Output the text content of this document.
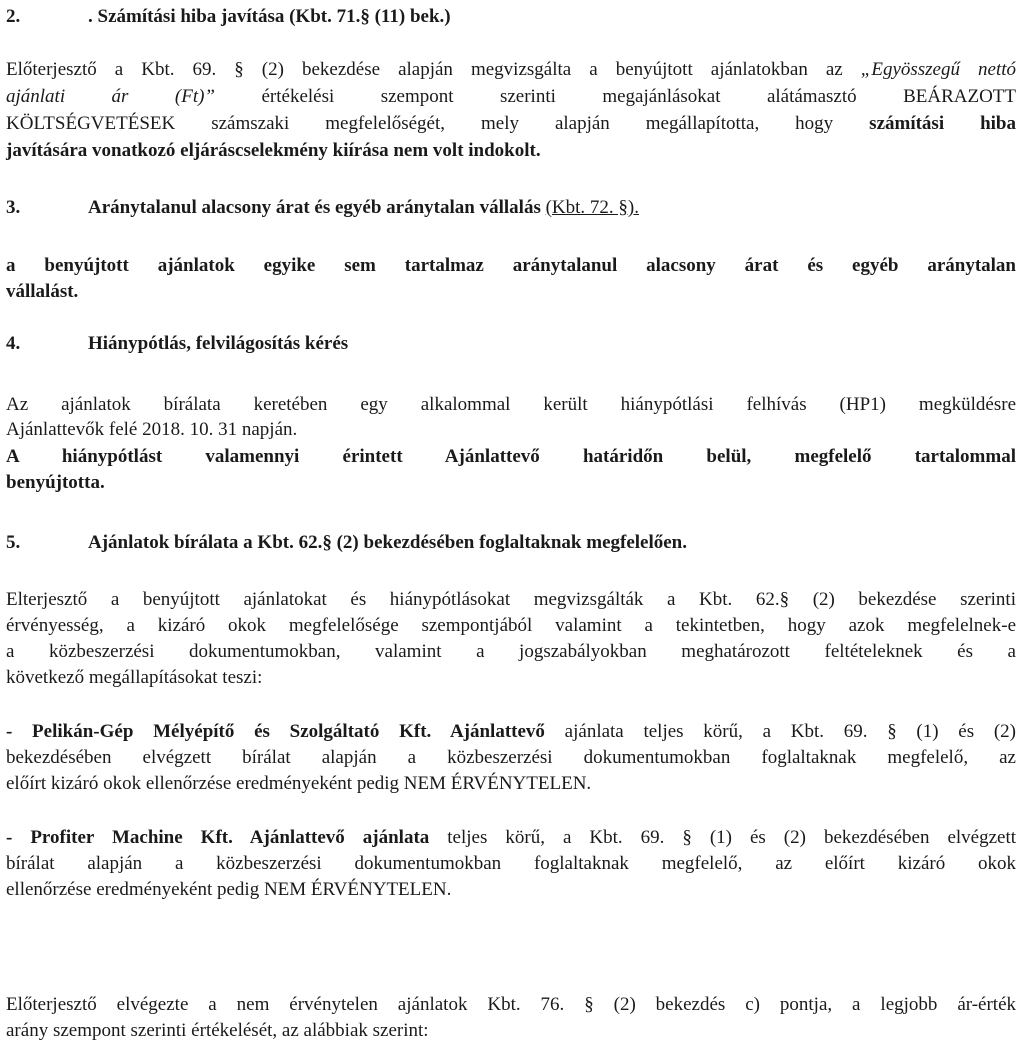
2.	. Számítási hiba javítása (Kbt. 71.§ (11) bek.)

Előterjesztő a Kbt. 69. § (2) bekezdése alapján megvizsgálta a benyújtott ajánlatokban az „Egyösszegű nettó

ajánlati ár (Ft)” értékelési szempont szerinti megajánlásokat alátámasztó BEÁRAZOTT

KÖLTSÉGVETÉSEK számszaki megfelelőségét, mely alapján megállapította, hogy számítási hiba

javítására vonatkozó eljáráscselekmény kiírása nem volt indokolt.

3.	Aránytalanul alacsony árat és egyéb aránytalan vállalás (Kbt. 72. §).

a benyújtott ajánlatok egyike sem tartalmaz aránytalanul alacsony árat és egyéb aránytalan

vállalást.

4.	Hiánypótlás, felvilágosítás kérés

Az ajánlatok bírálata keretében egy alkalommal került hiánypótlási felhívás (HP1) megküldésre

Ajánlattevők felé 2018. 10. 31 napján.

A hiánypótlást valamennyi érintett Ajánlattevő határidőn belül, megfelelő tartalommal

benyújtotta.

5.	Ajánlatok bírálata a Kbt. 62.§ (2) bekezdésében foglaltaknak megfelelően.

Elterjesztő a benyújtott ajánlatokat és hiánypótlásokat megvizsgálták a Kbt. 62.§ (2) bekezdése szerinti

érvényesség, a kizáró okok megfelelősége szempontjából valamint a tekintetben, hogy azok megfelelnek-e

a közbeszerzési dokumentumokban, valamint a jogszabályokban meghatározott feltételeknek és a

következő megállapításokat teszi:

- Pelikán-Gép Mélyépítő és Szolgáltató Kft. Ajánlattevő ajánlata teljes körű, a Kbt. 69. § (1) és (2)

bekezdésében elvégzett bírálat alapján a közbeszerzési dokumentumokban foglaltaknak megfelelő, az

előírt kizáró okok ellenőrzése eredményeként pedig NEM ÉRVÉNYTELEN.

- Profiter Machine Kft. Ajánlattevő ajánlata teljes körű, a Kbt. 69. § (1) és (2) bekezdésében elvégzett

bírálat alapján a közbeszerzési dokumentumokban foglaltaknak megfelelő, az előírt kizáró okok

ellenőrzése eredményeként pedig NEM ÉRVÉNYTELEN.

Előterjesztő elvégezte a nem érvénytelen ajánlatok Kbt. 76. § (2) bekezdés c) pontja, a legjobb ár-érték

arány szempont szerinti értékelését, az alábbiak szerint:
